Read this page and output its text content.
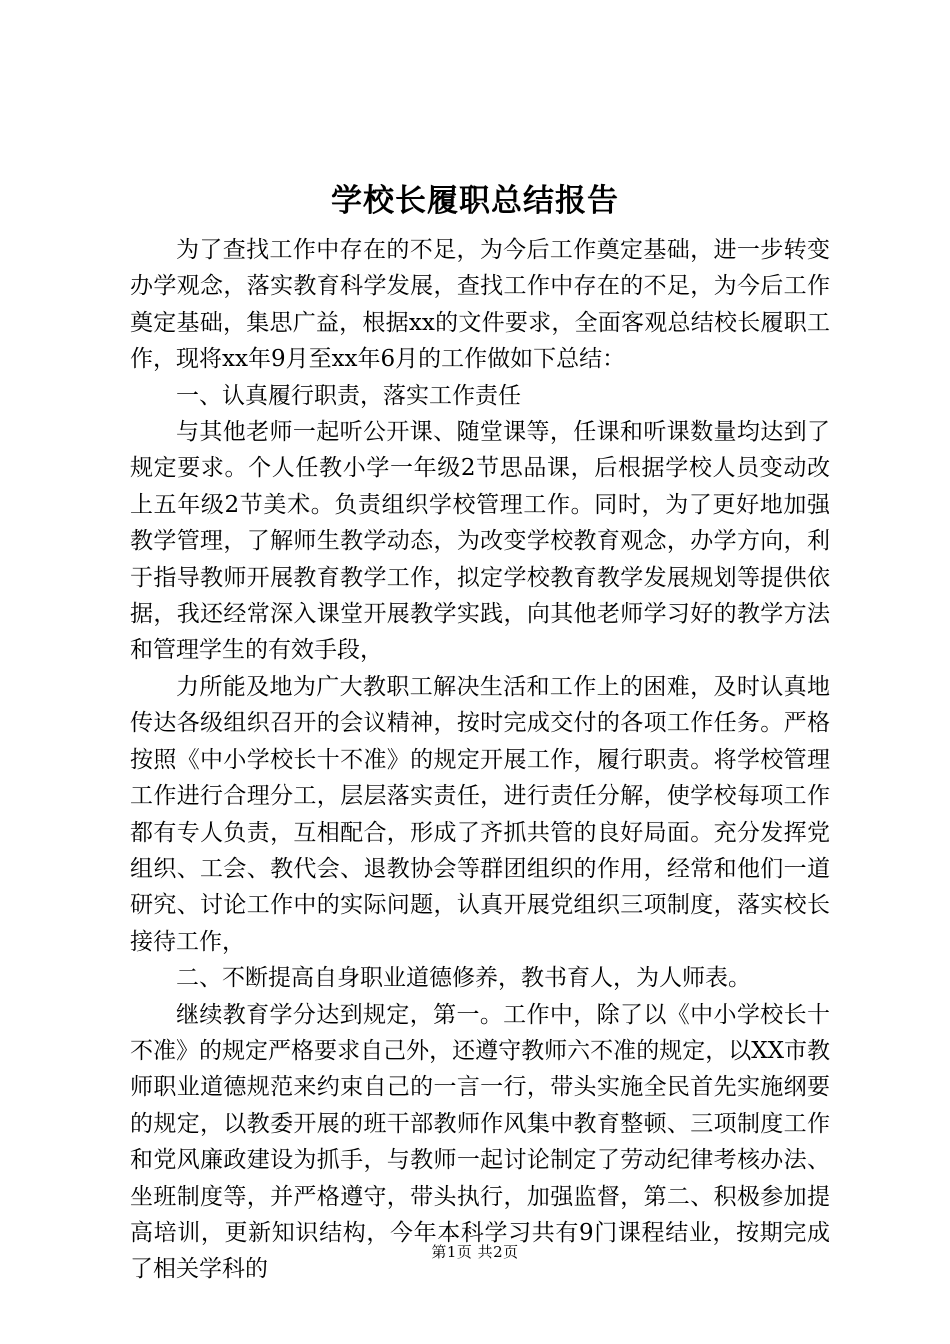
学校长履职总结报告

为了查找工作中存在的不足，为今后工作奠定基础，进一步转变办学观念，落实教育科学发展，查找工作中存在的不足，为今后工作奠定基础，集思广益，根据xx的文件要求，全面客观总结校长履职工作，现将xx年9月至xx年6月的工作做如下总结：

一、认真履行职责，落实工作责任

与其他老师一起听公开课、随堂课等，任课和听课数量均达到了规定要求。个人任教小学一年级2节思品课，后根据学校人员变动改上五年级2节美术。负责组织学校管理工作。同时，为了更好地加强教学管理，了解师生教学动态，为改变学校教育观念，办学方向，利于指导教师开展教育教学工作，拟定学校教育教学发展规划等提供依据，我还经常深入课堂开展教学实践，向其他老师学习好的教学方法和管理学生的有效手段，

力所能及地为广大教职工解决生活和工作上的困难，及时认真地传达各级组织召开的会议精神，按时完成交付的各项工作任务。严格按照《中小学校长十不准》的规定开展工作，履行职责。将学校管理工作进行合理分工，层层落实责任，进行责任分解，使学校每项工作都有专人负责，互相配合，形成了齐抓共管的良好局面。充分发挥党组织、工会、教代会、退教协会等群团组织的作用，经常和他们一道研究、讨论工作中的实际问题，认真开展党组织三项制度，落实校长接待工作，

二、不断提高自身职业道德修养，教书育人，为人师表。

继续教育学分达到规定，第一。工作中，除了以《中小学校长十不准》的规定严格要求自己外，还遵守教师六不准的规定，以XX市教师职业道德规范来约束自己的一言一行，带头实施全民首先实施纲要的规定，以教委开展的班干部教师作风集中教育整顿、三项制度工作和党风廉政建设为抓手，与教师一起讨论制定了劳动纪律考核办法、坐班制度等，并严格遵守，带头执行，加强监督，第二、积极参加提高培训，更新知识结构，今年本科学习共有9门课程结业，按期完成了相关学科的

第1页 共2页
